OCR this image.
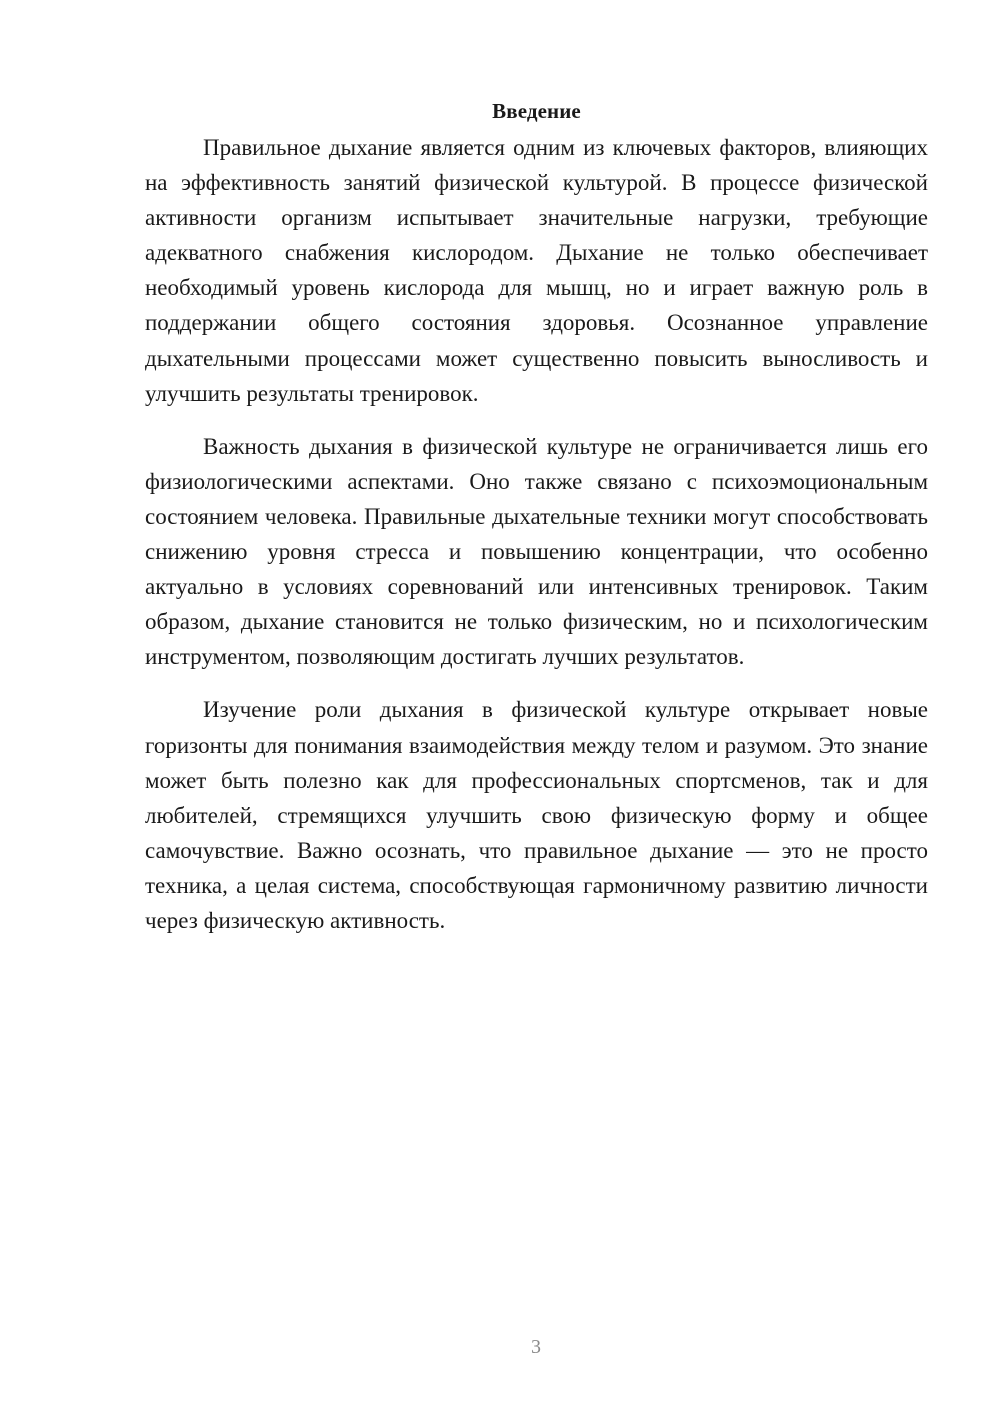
Введение

Правильное дыхание является одним из ключевых факторов, влияющих на эффективность занятий физической культурой. В процессе физической активности организм испытывает значительные нагрузки, требующие адекватного снабжения кислородом. Дыхание не только обеспечивает необходимый уровень кислорода для мышц, но и играет важную роль в поддержании общего состояния здоровья. Осознанное управление дыхательными процессами может существенно повысить выносливость и улучшить результаты тренировок.

Важность дыхания в физической культуре не ограничивается лишь его физиологическими аспектами. Оно также связано с психоэмоциональным состоянием человека. Правильные дыхательные техники могут способствовать снижению уровня стресса и повышению концентрации, что особенно актуально в условиях соревнований или интенсивных тренировок. Таким образом, дыхание становится не только физическим, но и психологическим инструментом, позволяющим достигать лучших результатов.

Изучение роли дыхания в физической культуре открывает новые горизонты для понимания взаимодействия между телом и разумом. Это знание может быть полезно как для профессиональных спортсменов, так и для любителей, стремящихся улучшить свою физическую форму и общее самочувствие. Важно осознать, что правильное дыхание — это не просто техника, а целая система, способствующая гармоничному развитию личности через физическую активность.

3
